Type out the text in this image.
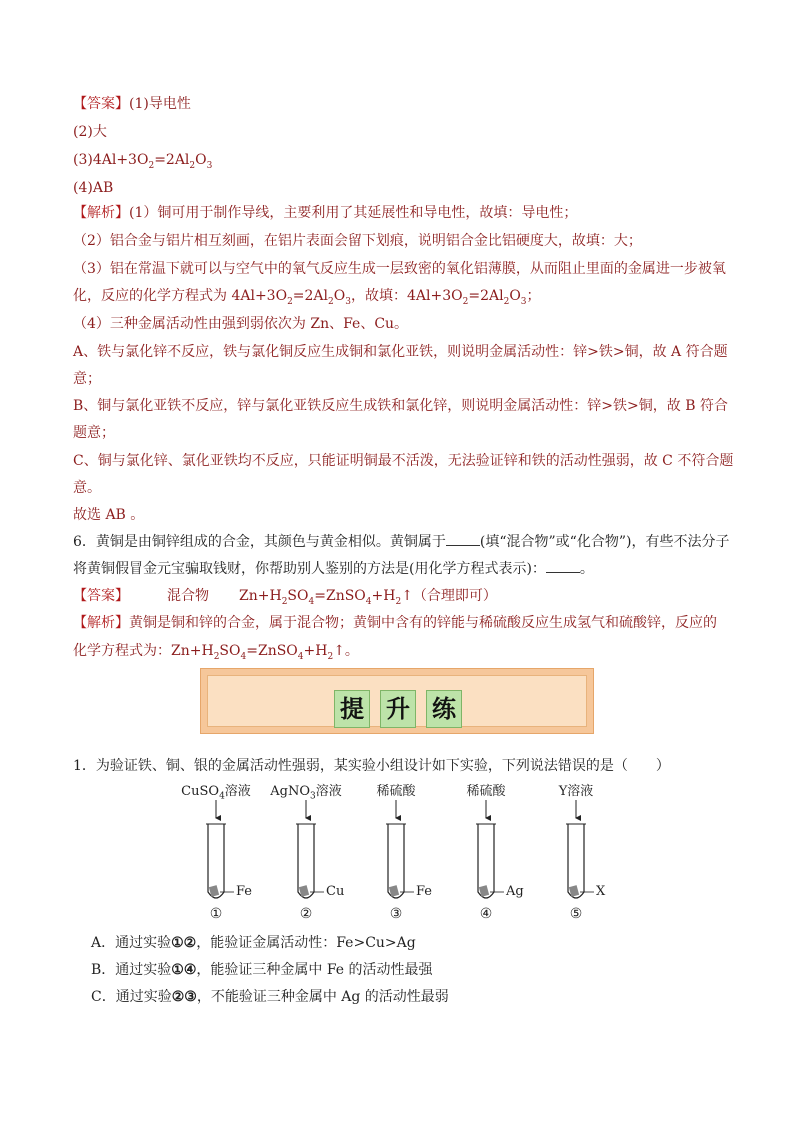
【答案】(1)导电性
(2)大
$(3)4Al+3O_2=2Al_2O_3$
(4)AB
【解析】(1）铜可用于制作导线，主要利用了其延展性和导电性，故填：导电性；
（2）铝合金与铝片相互刻画，在铝片表面会留下划痕，说明铝合金比铝硬度大，故填：大；
（3）铝在常温下就可以与空气中的氧气反应生成一层致密的氧化铝薄膜，从而阻止里面的金属进一步被氧
化，反应的化学方程式为 $4Al+3O_2=2Al_2O_3$，故填：$4Al+3O_2=2Al_2O_3$；
（4）三种金属活动性由强到弱依次为 Zn、Fe、Cu。
A、铁与氯化锌不反应，铁与氯化铜反应生成铜和氯化亚铁，则说明金属活动性：锌>铁>铜，故 A 符合题
意；
B、铜与氯化亚铁不反应，锌与氯化亚铁反应生成铁和氯化锌，则说明金属活动性：锌>铁>铜，故 B 符合
题意；
C、铜与氯化锌、氯化亚铁均不反应，只能证明铜最不活泼，无法验证锌和铁的活动性强弱，故 C 不符合题
意。
故选 AB 。
6．黄铜是由铜锌组成的合金，其颜色与黄金相似。黄铜属于 (填“混合物”或“化合物”)，有些不法分子
将黄铜假冒金元宝骗取钱财，你帮助别人鉴别的方法是(用化学方程式表示)： 。
【答案】	混合物 $Zn+H_2SO_4=ZnSO_4+H_2↑$（合理即可）
【解析】黄铜是铜和锌的合金，属于混合物；黄铜中含有的锌能与稀硫酸反应生成氢气和硫酸锌，反应的
化学方程式为：$Zn+H_2SO_4=ZnSO_4+H_2↑$。
提 升 练
1．为验证铁、铜、银的金属活动性强弱，某实验小组设计如下实验，下列说法错误的是（　　）
CuSO$_4$溶液	AgNO$_3$溶液	稀硫酸	稀硫酸	Y溶液
Fe	Cu	Fe	Ag	X
①	②	③	④	⑤
A．通过实验①②，能验证金属活动性：Fe>Cu>Ag
B．通过实验①④，能验证三种金属中 Fe 的活动性最强
C．通过实验②③，不能验证三种金属中 Ag 的活动性最弱
